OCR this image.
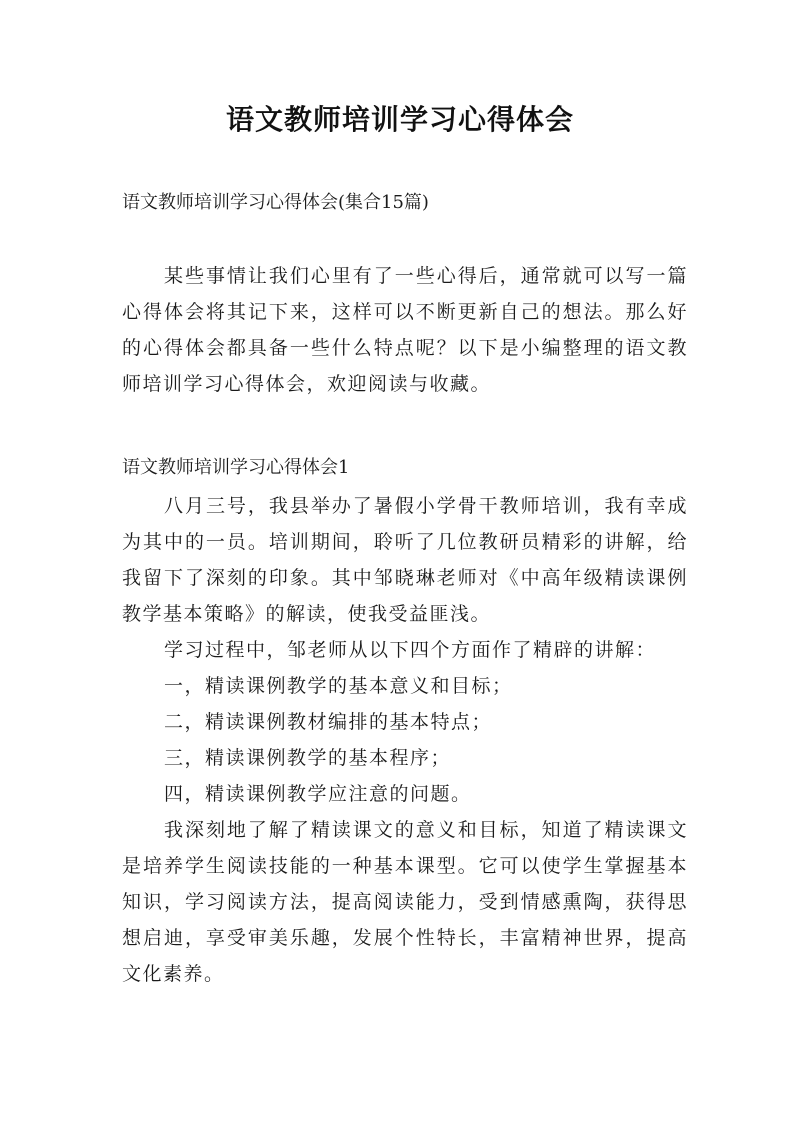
语文教师培训学习心得体会
语文教师培训学习心得体会(集合15篇)
某些事情让我们心里有了一些心得后，通常就可以写一篇心得体会将其记下来，这样可以不断更新自己的想法。那么好的心得体会都具备一些什么特点呢？以下是小编整理的语文教师培训学习心得体会，欢迎阅读与收藏。
语文教师培训学习心得体会1

八月三号，我县举办了暑假小学骨干教师培训，我有幸成为其中的一员。培训期间，聆听了几位教研员精彩的讲解，给我留下了深刻的印象。其中邹晓琳老师对《中高年级精读课例教学基本策略》的解读，使我受益匪浅。

学习过程中，邹老师从以下四个方面作了精辟的讲解：

一，精读课例教学的基本意义和目标；

二，精读课例教材编排的基本特点；

三，精读课例教学的基本程序；

四，精读课例教学应注意的问题。

我深刻地了解了精读课文的意义和目标，知道了精读课文是培养学生阅读技能的一种基本课型。它可以使学生掌握基本知识，学习阅读方法，提高阅读能力，受到情感熏陶，获得思想启迪，享受审美乐趣，发展个性特长，丰富精神世界，提高文化素养。
